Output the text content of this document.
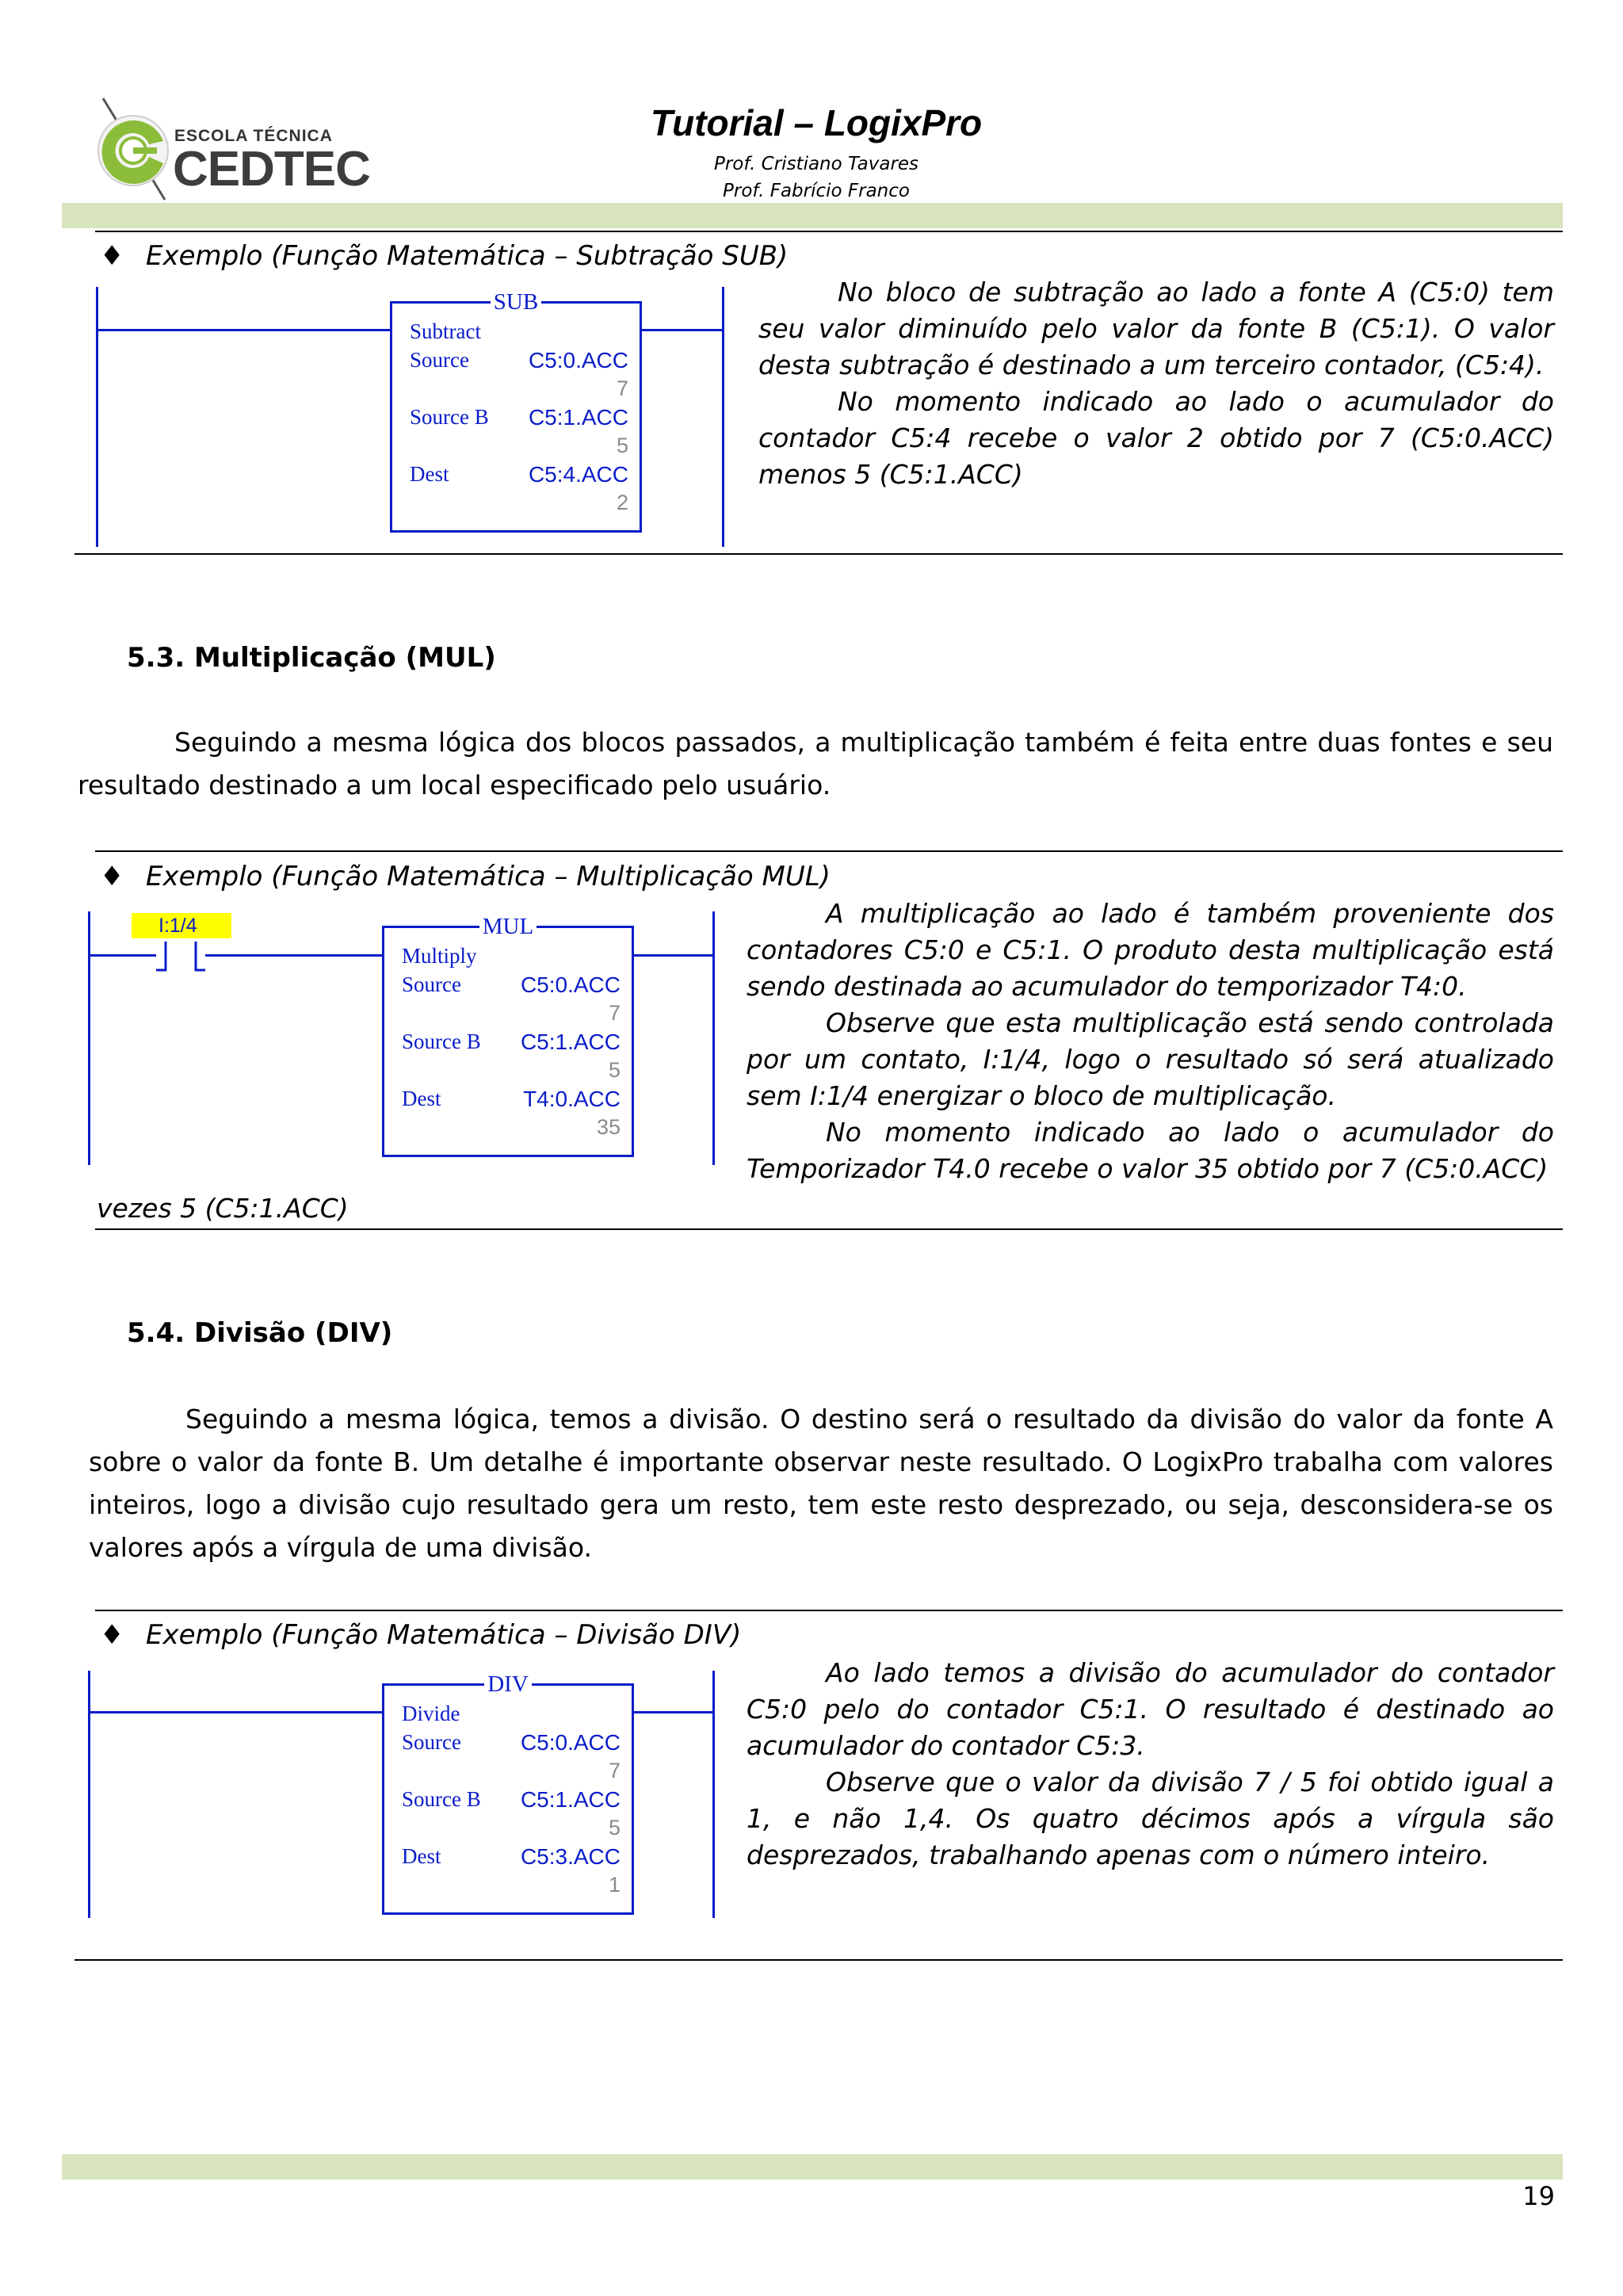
ESCOLA TÉCNICA
CEDTEC
Tutorial – LogixPro
Prof. Cristiano Tavares
Prof. Fabrício Franco
♦ Exemplo (Função Matemática – Subtração SUB)
SUB
Subtract
Source	C5:0.ACC
7
Source B C5:1.ACC
5
Dest	C5:4.ACC
2

No bloco de subtração ao lado a fonte A (C5:0) tem seu valor diminuído pelo valor da fonte B (C5:1). O valor desta subtração é destinado a um terceiro contador, (C5:4).

No momento indicado ao lado o acumulador do contador C5:4 recebe o valor 2 obtido por 7 (C5:0.ACC) menos 5 (C5:1.ACC)

5.3. Multiplicação (MUL)
Seguindo a mesma lógica dos blocos passados, a multiplicação também é feita entre duas fontes e seu resultado destinado a um local especificado pelo usuário.
♦ Exemplo (Função Matemática – Multiplicação MUL)
I:1/4	MUL
Multiply
Source	C5:0.ACC
7
Source B C5:1.ACC
5
Dest	T4:0.ACC
35

A multiplicação ao lado é também proveniente dos contadores C5:0 e C5:1. O produto desta multiplicação está sendo destinada ao acumulador do temporizador T4:0.

Observe que esta multiplicação está sendo controlada por um contato, I:1/4, logo o resultado só será atualizado sem I:1/4 energizar o bloco de multiplicação.

No momento indicado ao lado o acumulador do Temporizador T4.0 recebe o valor 35 obtido por 7 (C5:0.ACC)

vezes 5 (C5:1.ACC)
5.4. Divisão (DIV)
Seguindo a mesma lógica, temos a divisão. O destino será o resultado da divisão do valor da fonte A sobre o valor da fonte B. Um detalhe é importante observar neste resultado. O LogixPro trabalha com valores inteiros, logo a divisão cujo resultado gera um resto, tem este resto desprezado, ou seja, desconsidera-se os valores após a vírgula de uma divisão.
♦ Exemplo (Função Matemática – Divisão DIV)
DIV
Divide
Source	C5:0.ACC
7
Source B C5:1.ACC
5
Dest	C5:3.ACC
1

Ao lado temos a divisão do acumulador do contador C5:0 pelo do contador C5:1. O resultado é destinado ao acumulador do contador C5:3.

Observe que o valor da divisão 7 / 5 foi obtido igual a 1, e não 1,4. Os quatro décimos após a vírgula são desprezados, trabalhando apenas com o número inteiro.

19
